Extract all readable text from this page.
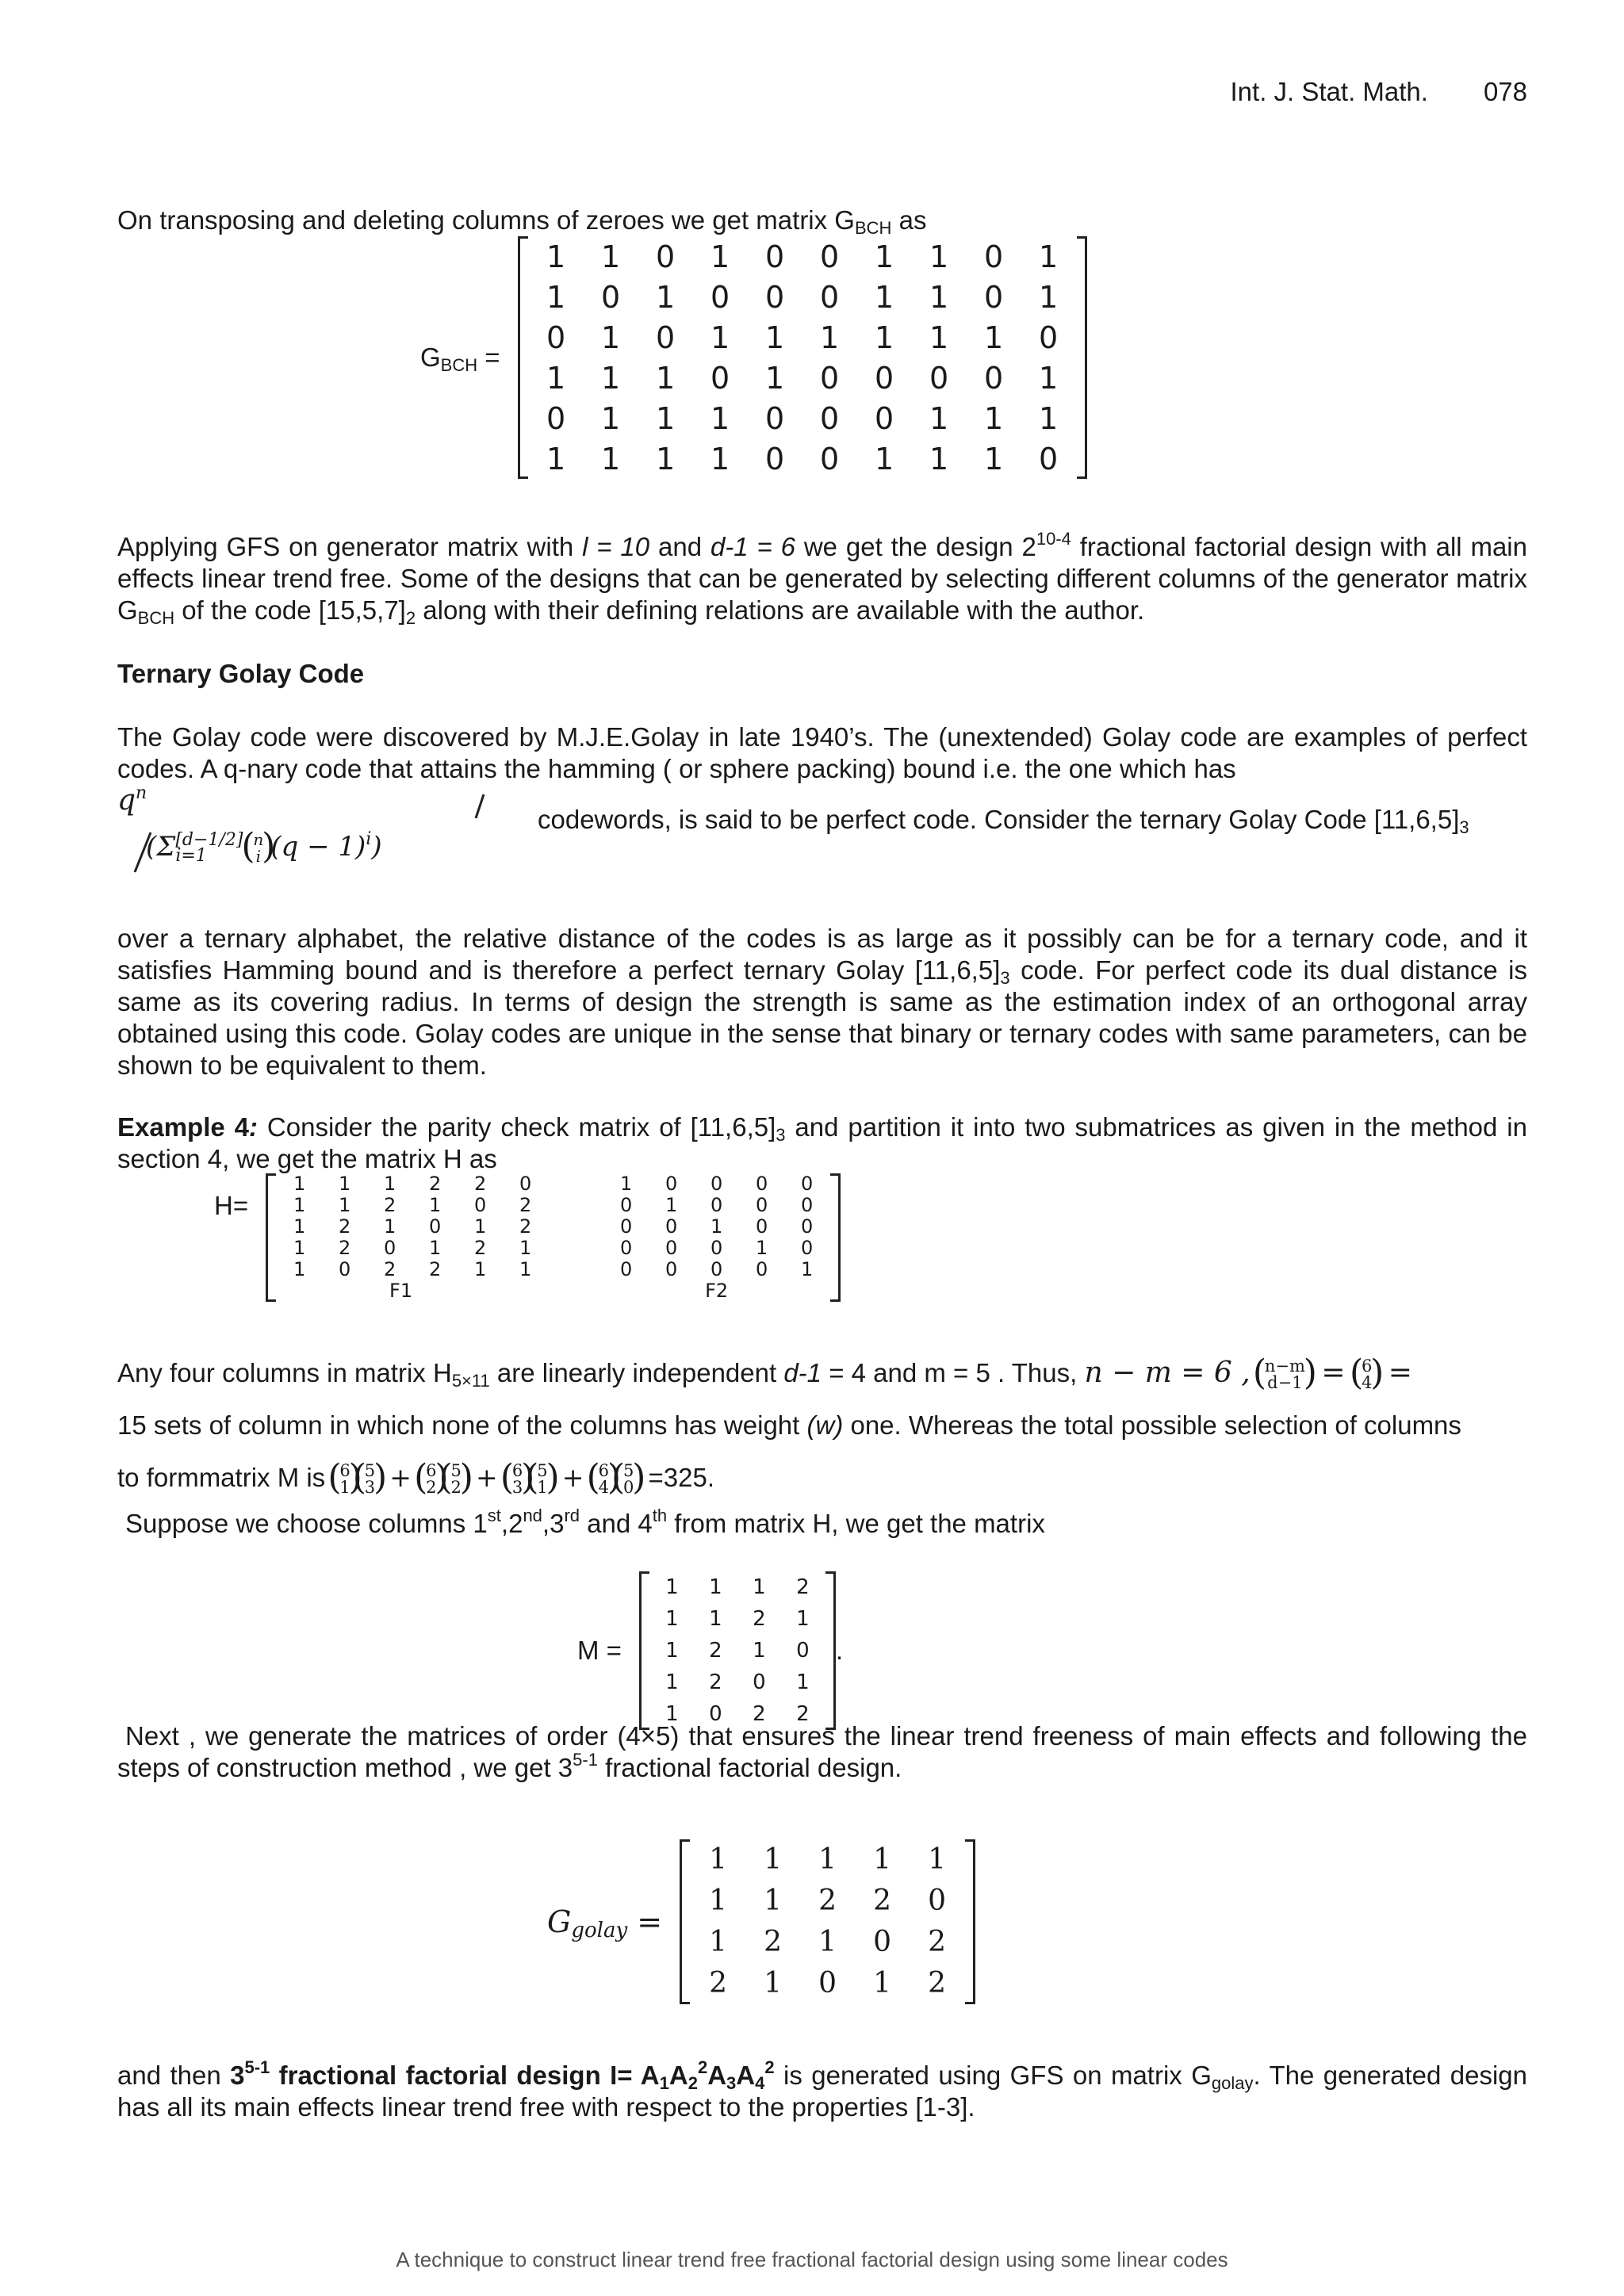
Int. J. Stat. Math. 078

On transposing and deleting columns of zeroes we get matrix $G_{BCH}$ as

$G_{BCH}$ =
1	1	0	1	0	0	1	1	0	1
1	0	1	0	0	0	1	1	0	1
0	1	0	1	1	1	1	1	1	0
1	1	1	0	1	0	0	0	0	1
0	1	1	1	0	0	0	1	1	1
1	1	1	1	0	0	1	1	1	0

Applying GFS on generator matrix with l = 10 and d-1 = 6 we get the design 2$^{10-4}$ fractional factorial design with all main effects linear trend free. Some of the designs that can be generated by selecting different columns of the generator matrix $G_{BCH}$ of the code $[15,5,7]_2$ along with their defining relations are available with the author.

Ternary Golay Code

The Golay code were discovered by M.J.E.Golay in late 1940’s. The (unextended) Golay code are examples of perfect codes. A q-nary code that attains the hamming ( or sphere packing) bound i.e. the one which has

$q^n$
(Σ [d−1/2]
i=1
( n
i
) $(q - 1)^i$)
codewords, is said to be perfect code. Consider the ternary Golay Code $[11,6,5]_3$

over a ternary alphabet, the relative distance of the codes is as large as it possibly can be for a ternary code, and it satisfies Hamming bound and is therefore a perfect ternary Golay $[11,6,5]_3$ code. For perfect code its dual distance is same as its covering radius. In terms of design the strength is same as the estimation index of an orthogonal array obtained using this code. Golay codes are unique in the sense that binary or ternary codes with same parameters, can be shown to be equivalent to them.

Example 4: Consider the parity check matrix of $[11,6,5]_3$ and partition it into two submatrices as given in the method in section 4, we get the matrix H as

H=
1	1	1	2	2	0		1	0	0	0	0
1	1	2	1	0	2		0	1	0	0	0
1	2	1	0	1	2		0	0	1	0	0
1	2	0	1	2	1		0	0	0	1	0
1	0	2	2	1	1		0	0	0	0	1
		F1							F2		
Any four columns in matrix $H_{5\times 11}$ are linearly independent d-1 = 4 and m = 5 . Thus, n − m = 6 , ( n−m
d−1
) = ( 6
4
) =

15 sets of column in which none of the columns has weight (w) one. Whereas the total possible selection of columns

to formmatrix M is ( 6
1
)
( 5
3
) + ( 6
2
)
( 5
2
) + ( 6
3
)
( 5
1
) + ( 6
4
)
( 5
0
) =325.
Suppose we choose columns 1st,2nd,3rd and 4th from matrix H, we get the matrix
M =
1	1	1	2
1	1	2	1
1	2	1	0
1	2	0	1
1	0	2	2
.

Next , we generate the matrices of order (4×5) that ensures the linear trend freeness of main effects and following the steps of construction method , we get 3$^{5-1}$ fractional factorial design.

$G_{golay}$ =
1	1	1	1	1
1	1	2	2	0
1	2	1	0	2
2	1	0	1	2

and then 3$^{5-1}$ fractional factorial design $I= A_1A_2^2A_3A_4^2$ is generated using GFS on matrix $G_{golay}$. The generated design has all its main effects linear trend free with respect to the properties [1-3].

A technique to construct linear trend free fractional factorial design using some linear codes
